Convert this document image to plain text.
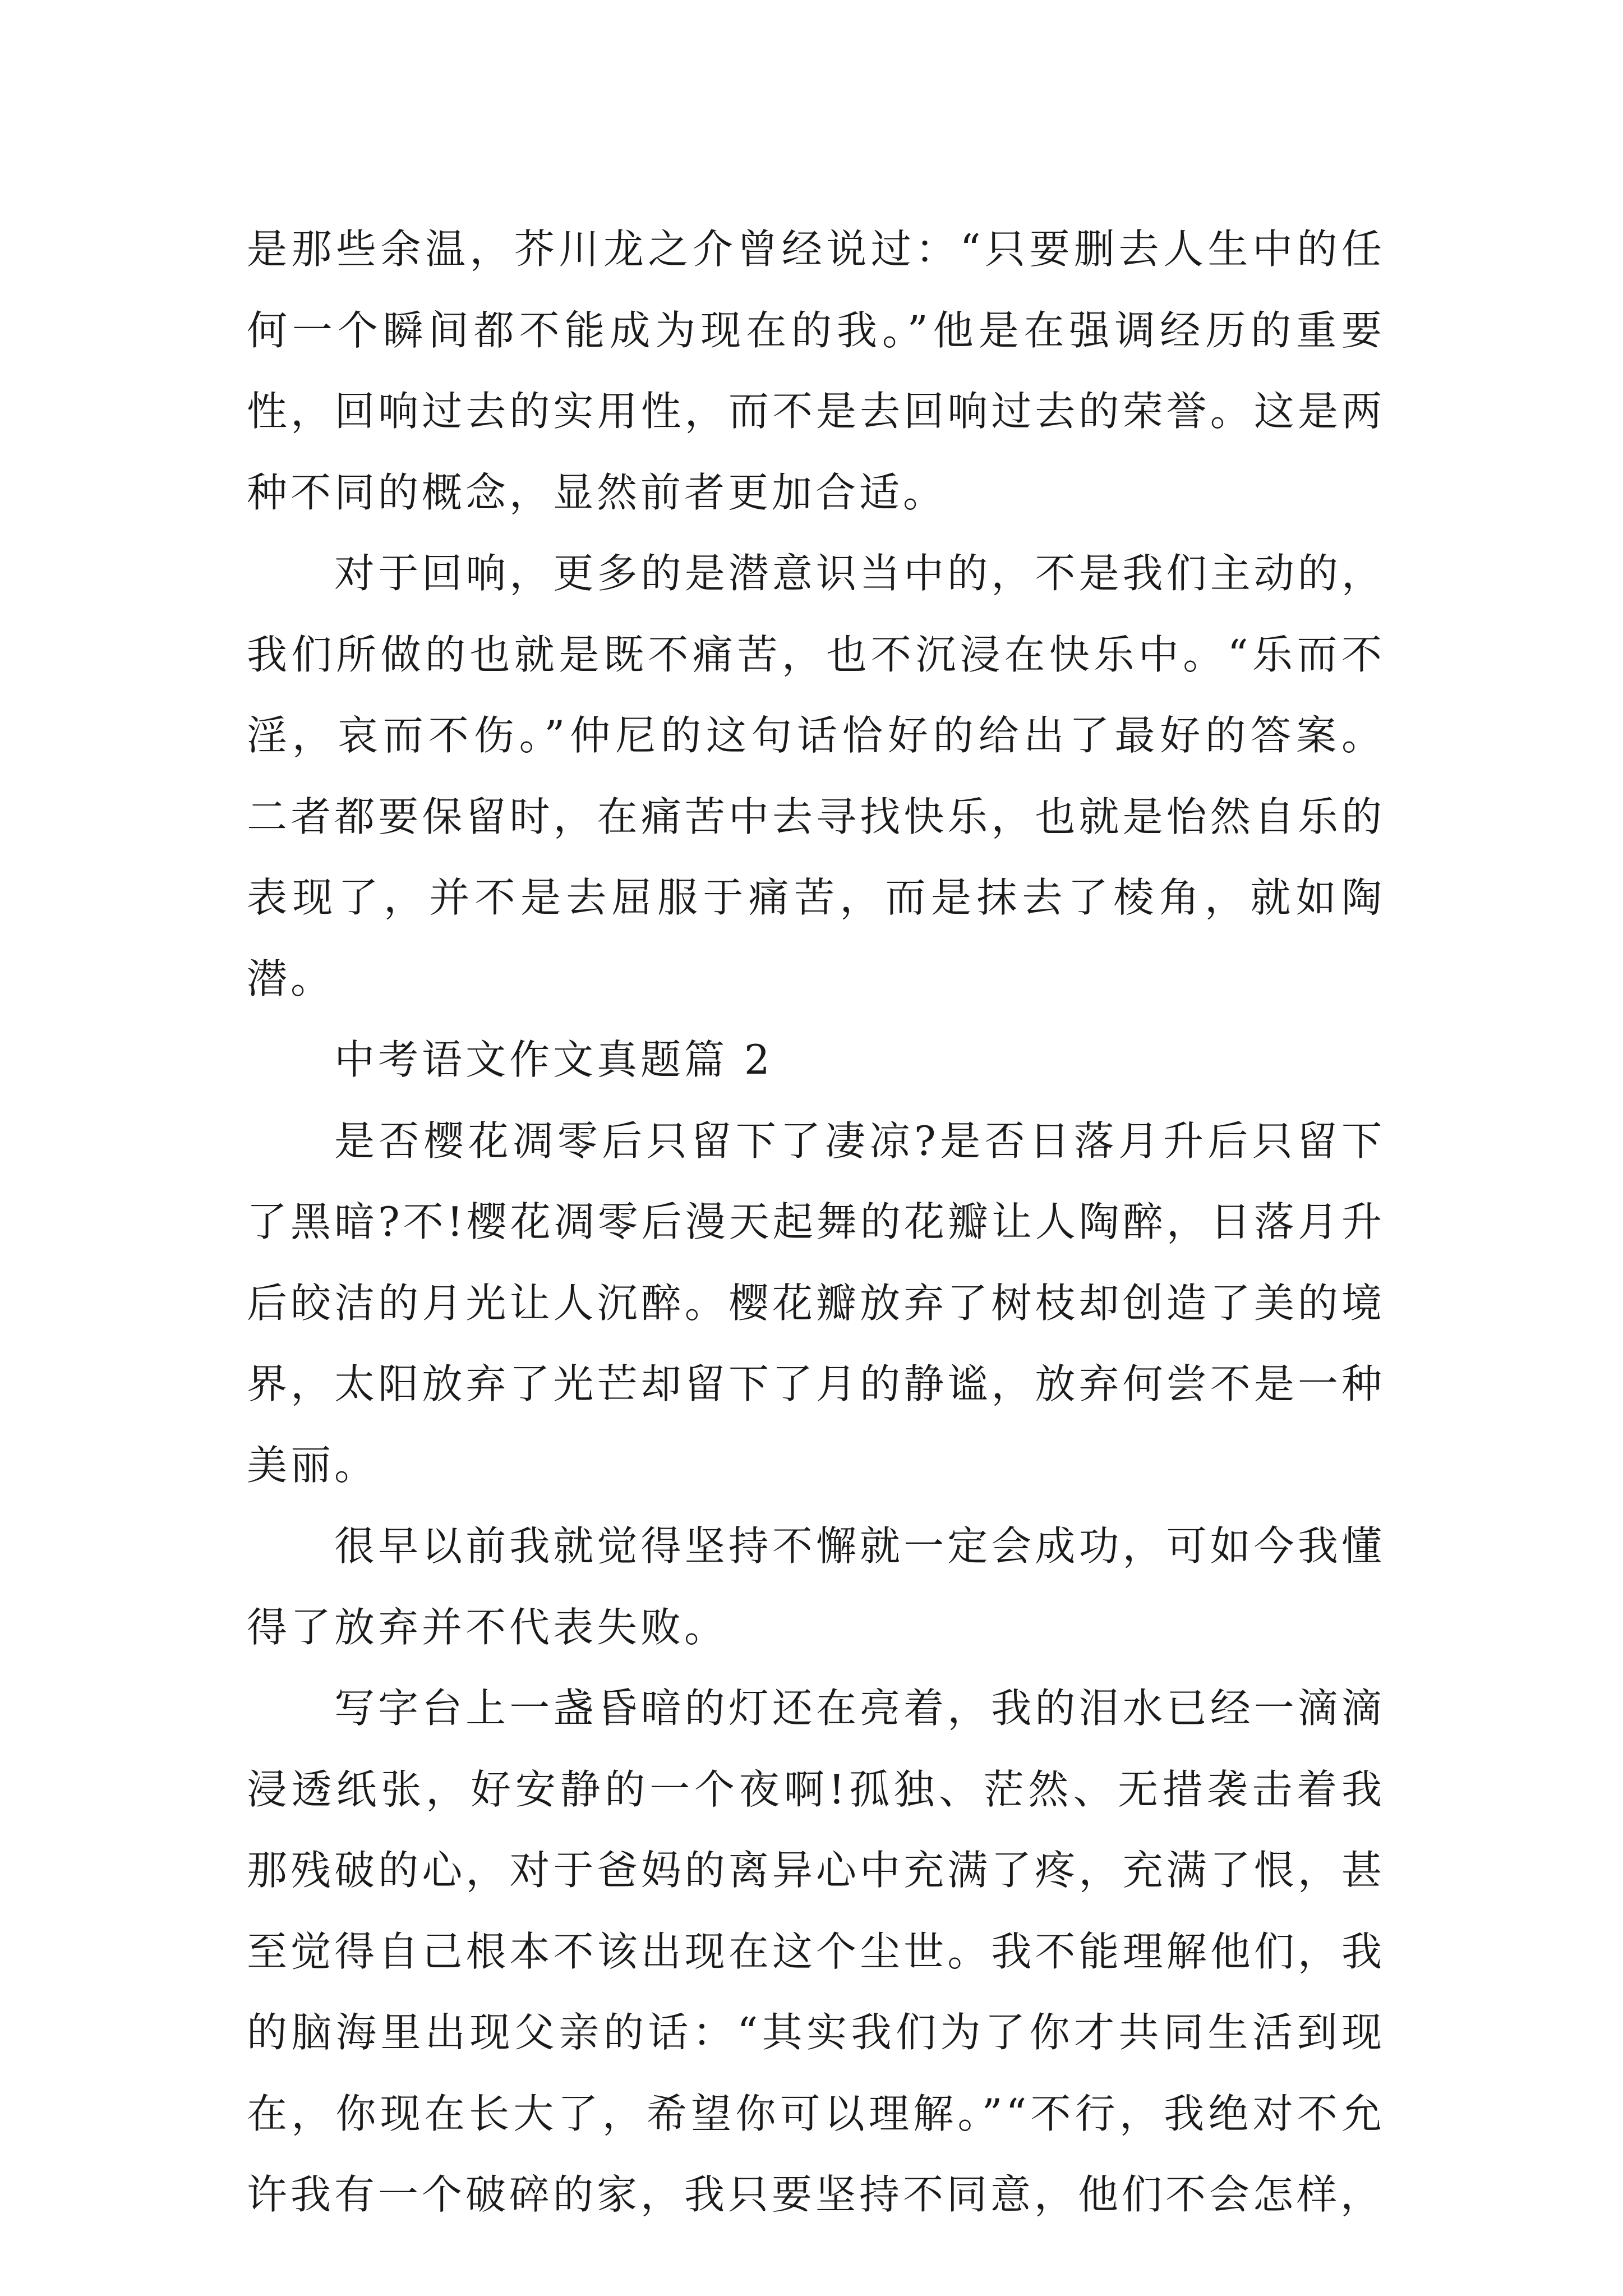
是那些余温，芥川龙之介曾经说过：“只要删去人生中的任何一个瞬间都不能成为现在的我。”他是在强调经历的重要性，回响过去的实用性，而不是去回响过去的荣誉。这是两种不同的概念，显然前者更加合适。

对于回响，更多的是潜意识当中的，不是我们主动的，我们所做的也就是既不痛苦，也不沉浸在快乐中。“乐而不淫，哀而不伤。”仲尼的这句话恰好的给出了最好的答案。二者都要保留时，在痛苦中去寻找快乐，也就是怡然自乐的表现了，并不是去屈服于痛苦，而是抹去了棱角，就如陶潜。

中考语文作文真题篇 2

是否樱花凋零后只留下了凄凉?是否日落月升后只留下了黑暗?不!樱花凋零后漫天起舞的花瓣让人陶醉，日落月升后皎洁的月光让人沉醉。樱花瓣放弃了树枝却创造了美的境界，太阳放弃了光芒却留下了月的静谧，放弃何尝不是一种美丽。

很早以前我就觉得坚持不懈就一定会成功，可如今我懂得了放弃并不代表失败。

写字台上一盏昏暗的灯还在亮着，我的泪水已经一滴滴浸透纸张，好安静的一个夜啊!孤独、茫然、无措袭击着我那残破的心，对于爸妈的离异心中充满了疼，充满了恨，甚至觉得自己根本不该出现在这个尘世。我不能理解他们，我的脑海里出现父亲的话：“其实我们为了你才共同生活到现在，你现在长大了，希望你可以理解。”“不行，我绝对不允许我有一个破碎的家，我只要坚持不同意，他们不会怎样，
